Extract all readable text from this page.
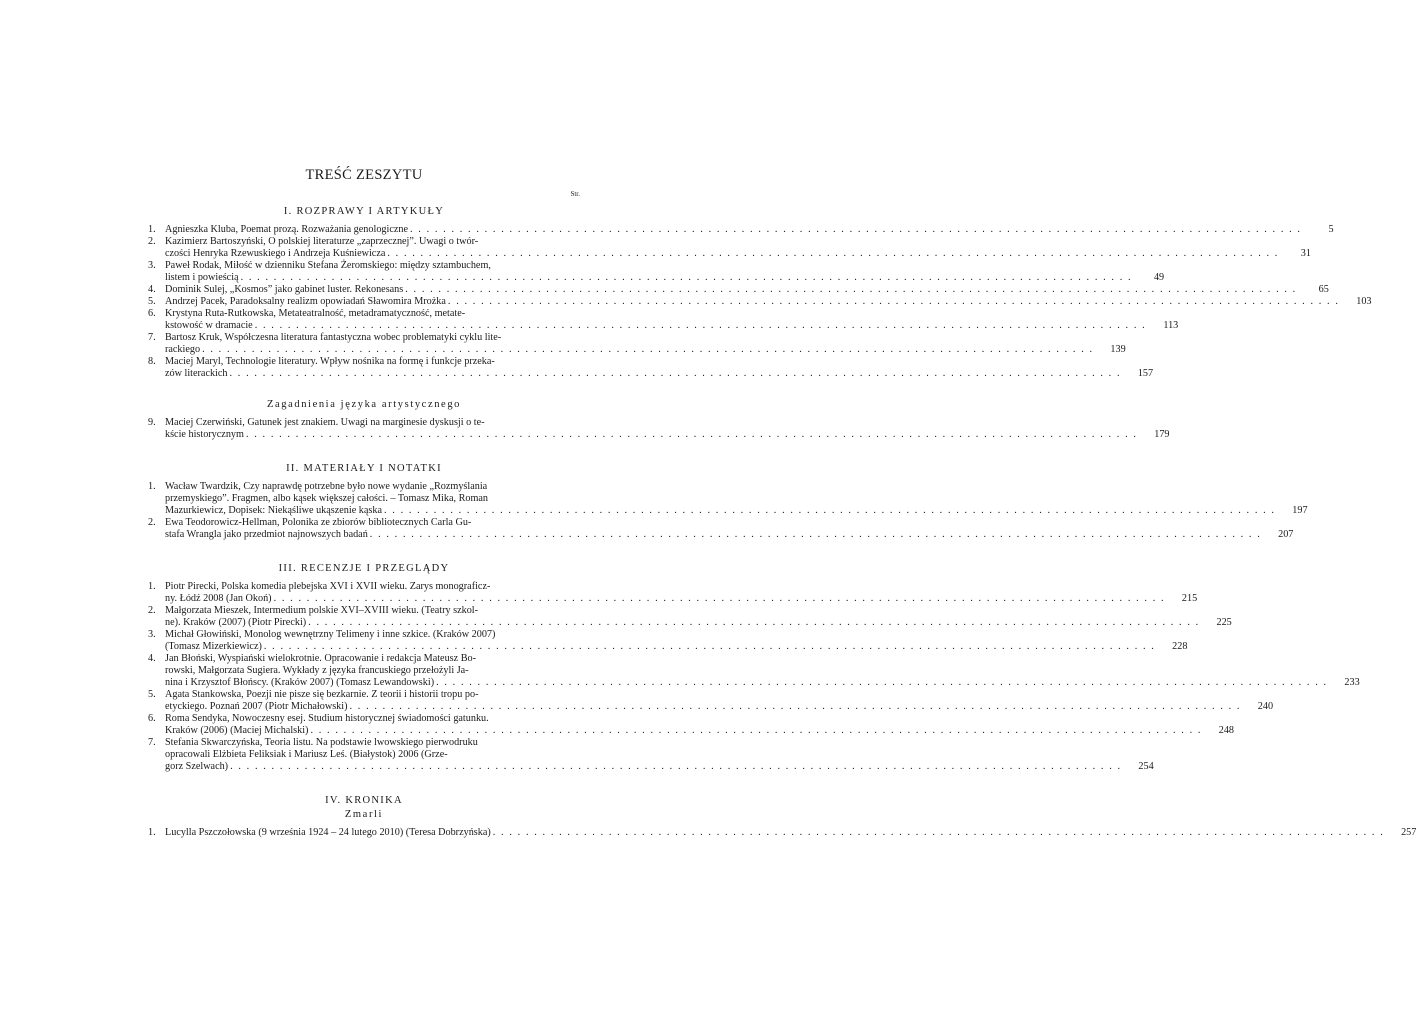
TREŚĆ ZESZYTU
Str.
I. ROZPRAWY I ARTYKUŁY
1. Agnieszka Kluba, Poemat prozą. Rozważania genologiczne . . .	5
2. Kazimierz Bartoszyński, O polskiej literaturze „zaprzecznej”. Uwagi o twór-
czości Henryka Rzewuskiego i Andrzeja Kuśniewicza . . .	31
3. Paweł Rodak, Miłość w dzienniku Stefana Żeromskiego: między sztambuchem,
listem i powieścią . . .	49
4. Dominik Sulej, „Kosmos” jako gabinet luster. Rekonesans . . .	65
5. Andrzej Pacek, Paradoksalny realizm opowiadań Sławomira Mrożka . . .	103
6. Krystyna Ruta-Rutkowska, Metateatralność, metadramatyczność, metate-
kstowość w dramacie . . .	113
7. Bartosz Kruk, Współczesna literatura fantastyczna wobec problematyki cyklu lite-
rackiego . . .	139
8. Maciej Maryl, Technologie literatury. Wpływ nośnika na formę i funkcje przeka-
zów literackich . . .	157
Zagadnienia języka artystycznego
9. Maciej Czerwiński, Gatunek jest znakiem. Uwagi na marginesie dyskusji o te-
kście historycznym . . .	179
II. MATERIAŁY I NOTATKI
1. Wacław Twardzik, Czy naprawdę potrzebne było nowe wydanie „Rozmyślania
przemyskiego”. Fragmen, albo kąsek większej całości. – Tomasz Mika, Roman
Mazurkiewicz, Dopisek: Niekąśliwe ukąszenie kąska . . .	197
2. Ewa Teodorowicz-Hellman, Polonika ze zbiorów bibliotecznych Carla Gu-
stafa Wrangla jako przedmiot najnowszych badań . . .	207
III. RECENZJE I PRZEGLĄDY
1. Piotr Pirecki, Polska komedia plebejska XVI i XVII wieku. Zarys monograficz-
ny. Łódź 2008 (Jan Okoń) . . .	215
2. Małgorzata Mieszek, Intermedium polskie XVI–XVIII wieku. (Teatry szkol-
ne). Kraków (2007) (Piotr Pirecki) . . .	225
3. Michał Głowiński, Monolog wewnętrzny Telimeny i inne szkice. (Kraków 2007)
(Tomasz Mizerkiewicz) . . .	228
4. Jan Błoński, Wyspiański wielokrotnie. Opracowanie i redakcja Mateusz Bo-
rowski, Małgorzata Sugiera. Wykłady z języka francuskiego przełożyli Ja-
nina i Krzysztof Błońscy. (Kraków 2007) (Tomasz Lewandowski) . . .	233
5. Agata Stankowska, Poezji nie pisze się bezkarnie. Z teorii i historii tropu po-
etyckiego. Poznań 2007 (Piotr Michałowski) . . .	240
6. Roma Sendyka, Nowoczesny esej. Studium historycznej świadomości gatunku.
Kraków (2006) (Maciej Michalski) . . .	248
7. Stefania Skwarczyńska, Teoria listu. Na podstawie lwowskiego pierwodruku
opracowali Elżbieta Feliksiak i Mariusz Leś. (Białystok) 2006 (Grze-
gorz Szelwach) . . .	254
IV. KRONIKA
Zmarli
1. Lucylla Pszczołowska (9 września 1924 – 24 lutego 2010) (Teresa Dobrzyńska) . . .	257
